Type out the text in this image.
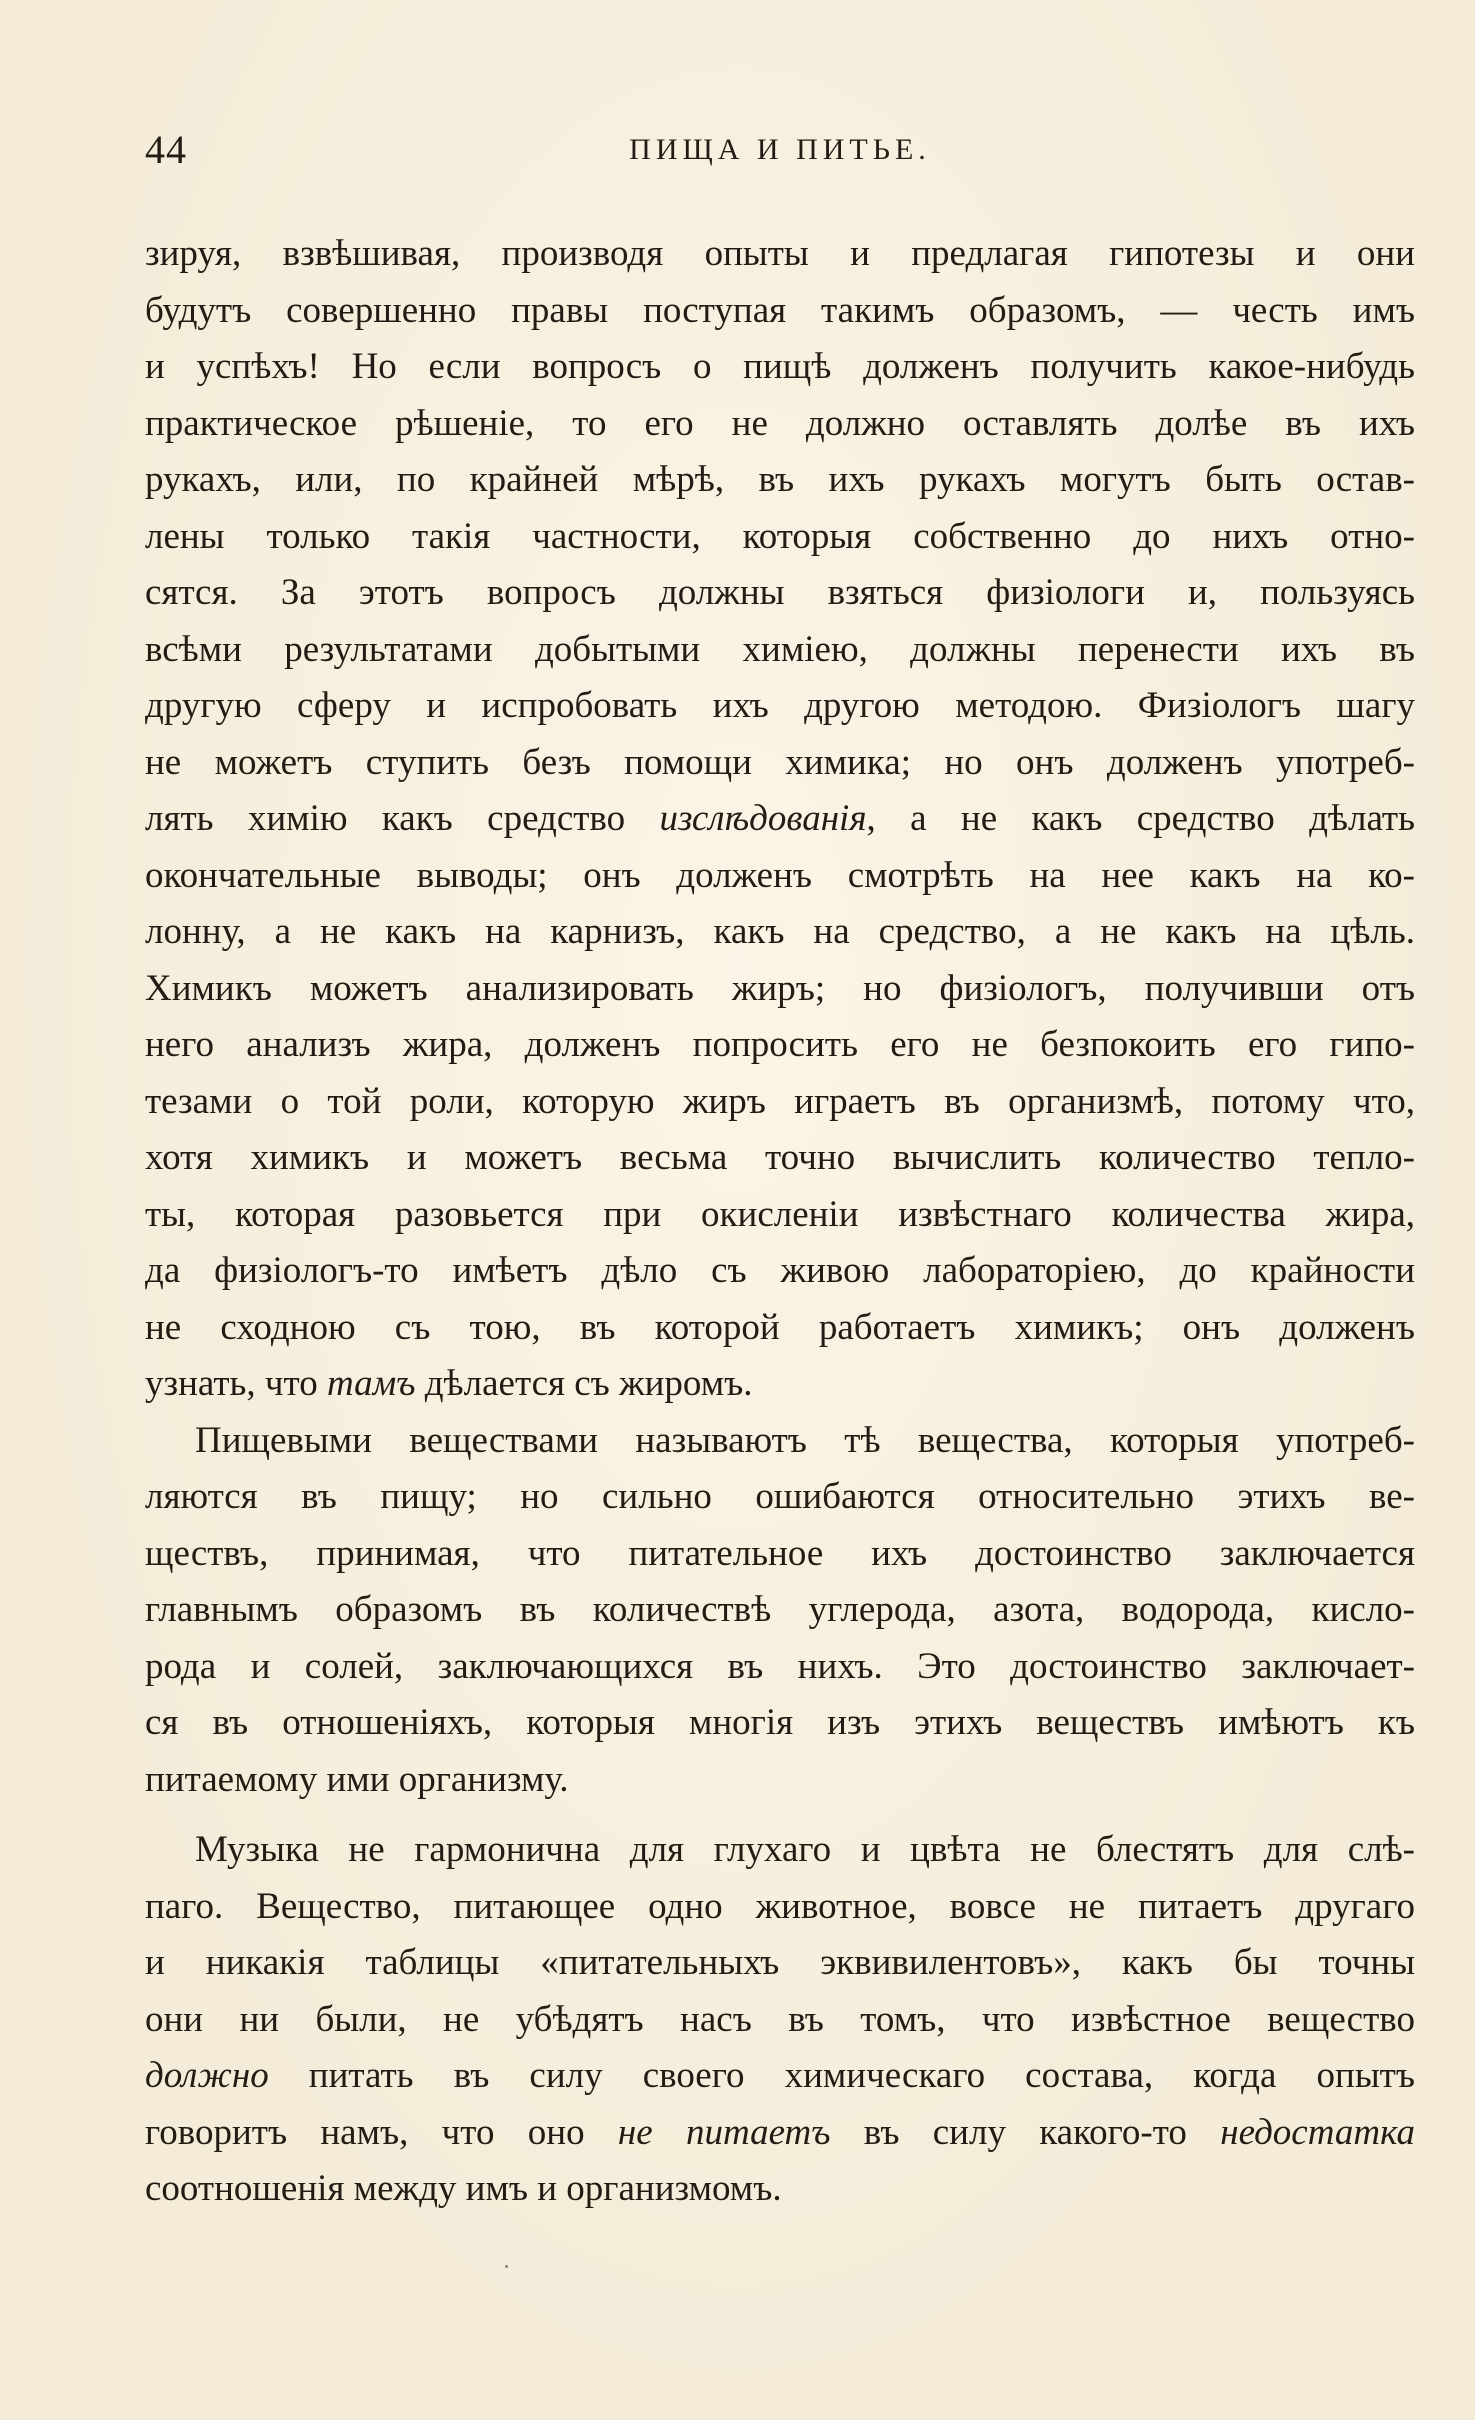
44	ПИЩА И ПИТЬЕ.
зируя, взвѣшивая, производя опыты и предлагая гипотезы и они
будутъ совершенно правы поступая такимъ образомъ, — честь имъ
и успѣхъ! Но если вопросъ о пищѣ долженъ получить какое-нибудь
практическое рѣшеніе, то его не должно оставлять долѣе въ ихъ
рукахъ, или, по крайней мѣрѣ, въ ихъ рукахъ могутъ быть остав-
лены только такія частности, которыя собственно до нихъ отно-
сятся. За этотъ вопросъ должны взяться физіологи и, пользуясь
всѣми результатами добытыми химіею, должны перенести ихъ въ
другую сферу и испробовать ихъ другою методою. Физіологъ шагу
не можетъ ступить безъ помощи химика; но онъ долженъ употреб-
лять химію какъ средство изслѣдованія, а не какъ средство дѣлать
окончательные выводы; онъ долженъ смотрѣть на нее какъ на ко-
лонну, а не какъ на карнизъ, какъ на средство, а не какъ на цѣль.
Химикъ можетъ анализировать жиръ; но физіологъ, получивши отъ
него анализъ жира, долженъ попросить его не безпокоить его гипо-
тезами о той роли, которую жиръ играетъ въ организмѣ, потому что,
хотя химикъ и можетъ весьма точно вычислить количество тепло-
ты, которая разовьется при окисленіи извѣстнаго количества жира,
да физіологъ-то имѣетъ дѣло съ живою лабораторіею, до крайности
не сходною съ тою, въ которой работаетъ химикъ; онъ долженъ
узнать, что тамъ дѣлается съ жиромъ.
Пищевыми веществами называютъ тѣ вещества, которыя употреб-
ляются въ пищу; но сильно ошибаются относительно этихъ ве-
ществъ, принимая, что питательное ихъ достоинство заключается
главнымъ образомъ въ количествѣ углерода, азота, водорода, кисло-
рода и солей, заключающихся въ нихъ. Это достоинство заключает-
ся въ отношеніяхъ, которыя многія изъ этихъ веществъ имѣютъ къ
питаемому ими организму.
Музыка не гармонична для глухаго и цвѣта не блестятъ для слѣ-
паго. Вещество, питающее одно животное, вовсе не питаетъ другаго
и никакія таблицы «питательныхъ эквивилентовъ», какъ бы точны
они ни были, не убѣдятъ насъ въ томъ, что извѣстное вещество
должно питать въ силу своего химическаго состава, когда опытъ
говоритъ намъ, что оно не питаетъ въ силу какого-то недостатка
соотношенія между имъ и организмомъ.
